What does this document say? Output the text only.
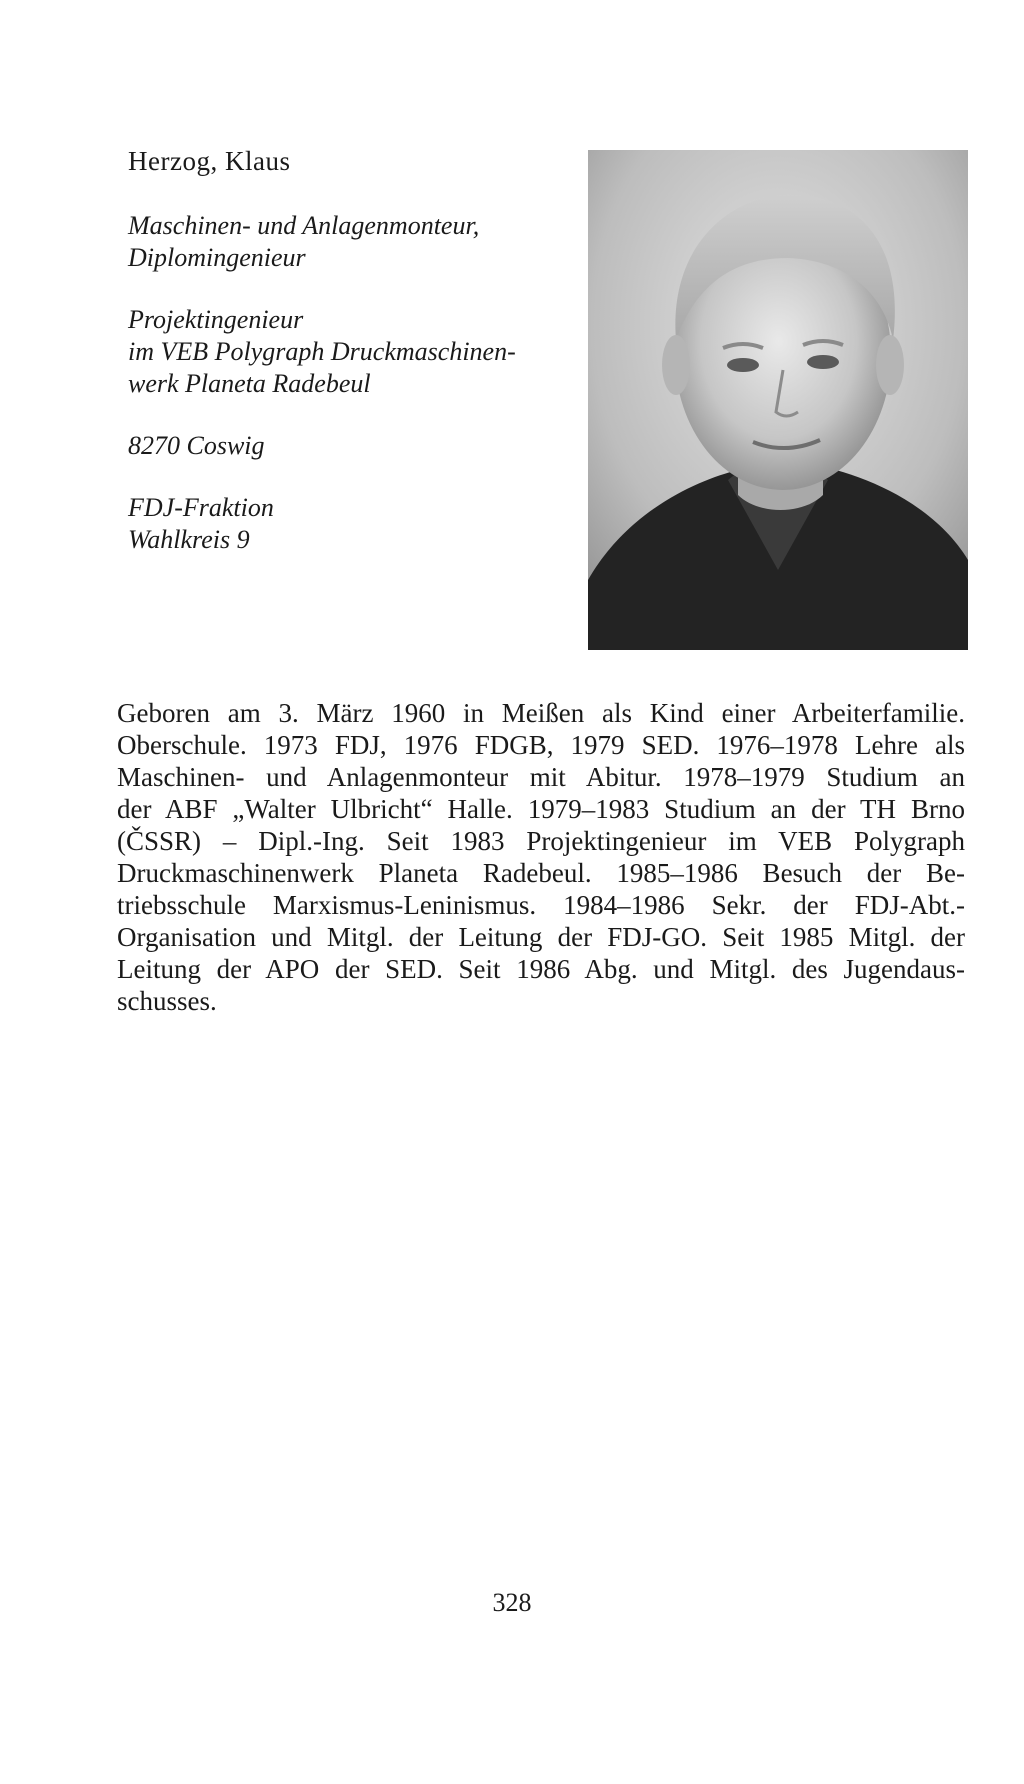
Herzog, Klaus
Maschinen- und Anlagenmonteur,
Diplomingenieur
Projektingenieur
im VEB Polygraph Druckmaschinen-
werk Planeta Radebeul
8270 Coswig
FDJ-Fraktion
Wahlkreis 9
Geboren am 3. März 1960 in Meißen als Kind einer Arbeiterfamilie.
Oberschule. 1973 FDJ, 1976 FDGB, 1979 SED. 1976–1978 Lehre als
Maschinen- und Anlagenmonteur mit Abitur. 1978–1979 Studium an
der ABF „Walter Ulbricht“ Halle. 1979–1983 Studium an der TH Brno
(ČSSR) – Dipl.-Ing. Seit 1983 Projektingenieur im VEB Polygraph
Druckmaschinenwerk Planeta Radebeul. 1985–1986 Besuch der Be-
triebsschule Marxismus-Leninismus. 1984–1986 Sekr. der FDJ-Abt.-
Organisation und Mitgl. der Leitung der FDJ-GO. Seit 1985 Mitgl. der
Leitung der APO der SED. Seit 1986 Abg. und Mitgl. des Jugendaus-
schusses.
328
